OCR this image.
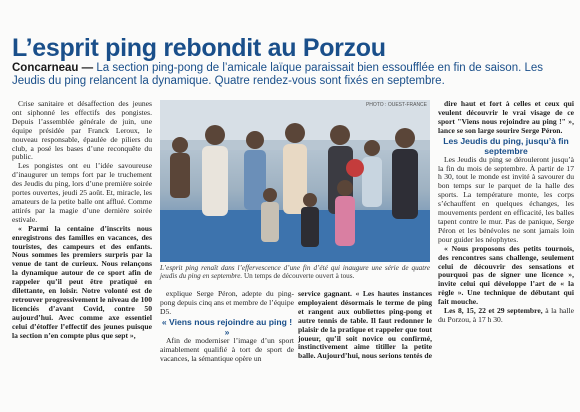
L’esprit ping rebondit au Porzou
Concarneau — La section ping-pong de l’amicale laïque paraissait bien essoufflée en fin de saison. Les Jeudis du ping relancent la dynamique. Quatre rendez-vous sont fixés en septembre.

Crise sanitaire et désaffection des jeunes ont siphonné les effectifs des pongistes. Depuis l’assemblée générale de juin, une équipe présidée par Franck Leroux, le nouveau responsable, épaulée de piliers du club, a posé les bases d’une reconquête du public.

Les pongistes ont eu l’idée savoureuse d’inaugurer un temps fort par le truchement des Jeudis du ping, lors d’une première soirée portes ouvertes, jeudi 25 août. Et, miracle, les amateurs de la petite balle ont afflué. Comme attirés par la magie d’une dernière soirée estivale.

« Parmi la centaine d’inscrits nous enregistrons des familles en vacances, des touristes, des campeurs et des enfants. Nous sommes les premiers surpris par la venue de tant de curieux. Nous relançons la dynamique autour de ce sport afin de rappeler qu’il peut être pratiqué en dilettante, en loisir. Notre volonté est de retrouver progressivement le niveau de 100 licenciés d’avant Covid, contre 50 aujourd’hui. Avec comme axe essentiel celui d’étoffer l’effectif des jeunes puisque la section n’en compte plus que sept »,

PHOTO : OUEST-FRANCE
L’esprit ping renaît dans l’effervescence d’une fin d’été qui inaugure une série de quatre jeudis du ping en septembre. Un temps de découverte ouvert à tous.

explique Serge Péron, adepte du ping-pong depuis cinq ans et membre de l’équipe D5.

« Viens nous rejoindre au ping ! »

Afin de moderniser l’image d’un sport aimablement qualifié à tort de sport de vacances, la sémantique opère un

service gagnant. « Les hautes instances employaient désormais le terme de ping et rangent aux oubliettes ping-pong et autre tennis de table. Il faut redonner le plaisir de la pratique et rappeler que tout joueur, qu’il soit novice ou confirmé, instinctivement aime titiller la petite balle. Aujourd’hui, nous serions tentés de

dire haut et fort à celles et ceux qui veulent découvrir le vrai visage de ce sport "Viens nous rejoindre au ping !" », lance se son large sourire Serge Péron.

Les Jeudis du ping, jusqu’à fin septembre

Les Jeudis du ping se dérouleront jusqu’à la fin du mois de septembre. À partir de 17 h 30, tout le monde est invité à savourer du bon temps sur le parquet de la halle des sports. La température monte, les corps s’échauffent en quelques échanges, les mouvements perdent en efficacité, les balles tapent contre le mur. Pas de panique, Serge Péron et les bénévoles ne sont jamais loin pour guider les néophytes.

« Nous proposons des petits tournois, des rencontres sans challenge, seulement celui de découvrir des sensations et pourquoi pas de signer une licence », invite celui qui développe l’art de « la règle ». Une technique de débutant qui fait mouche.

Les 8, 15, 22 et 29 septembre, à la halle du Porzou, à 17 h 30.
